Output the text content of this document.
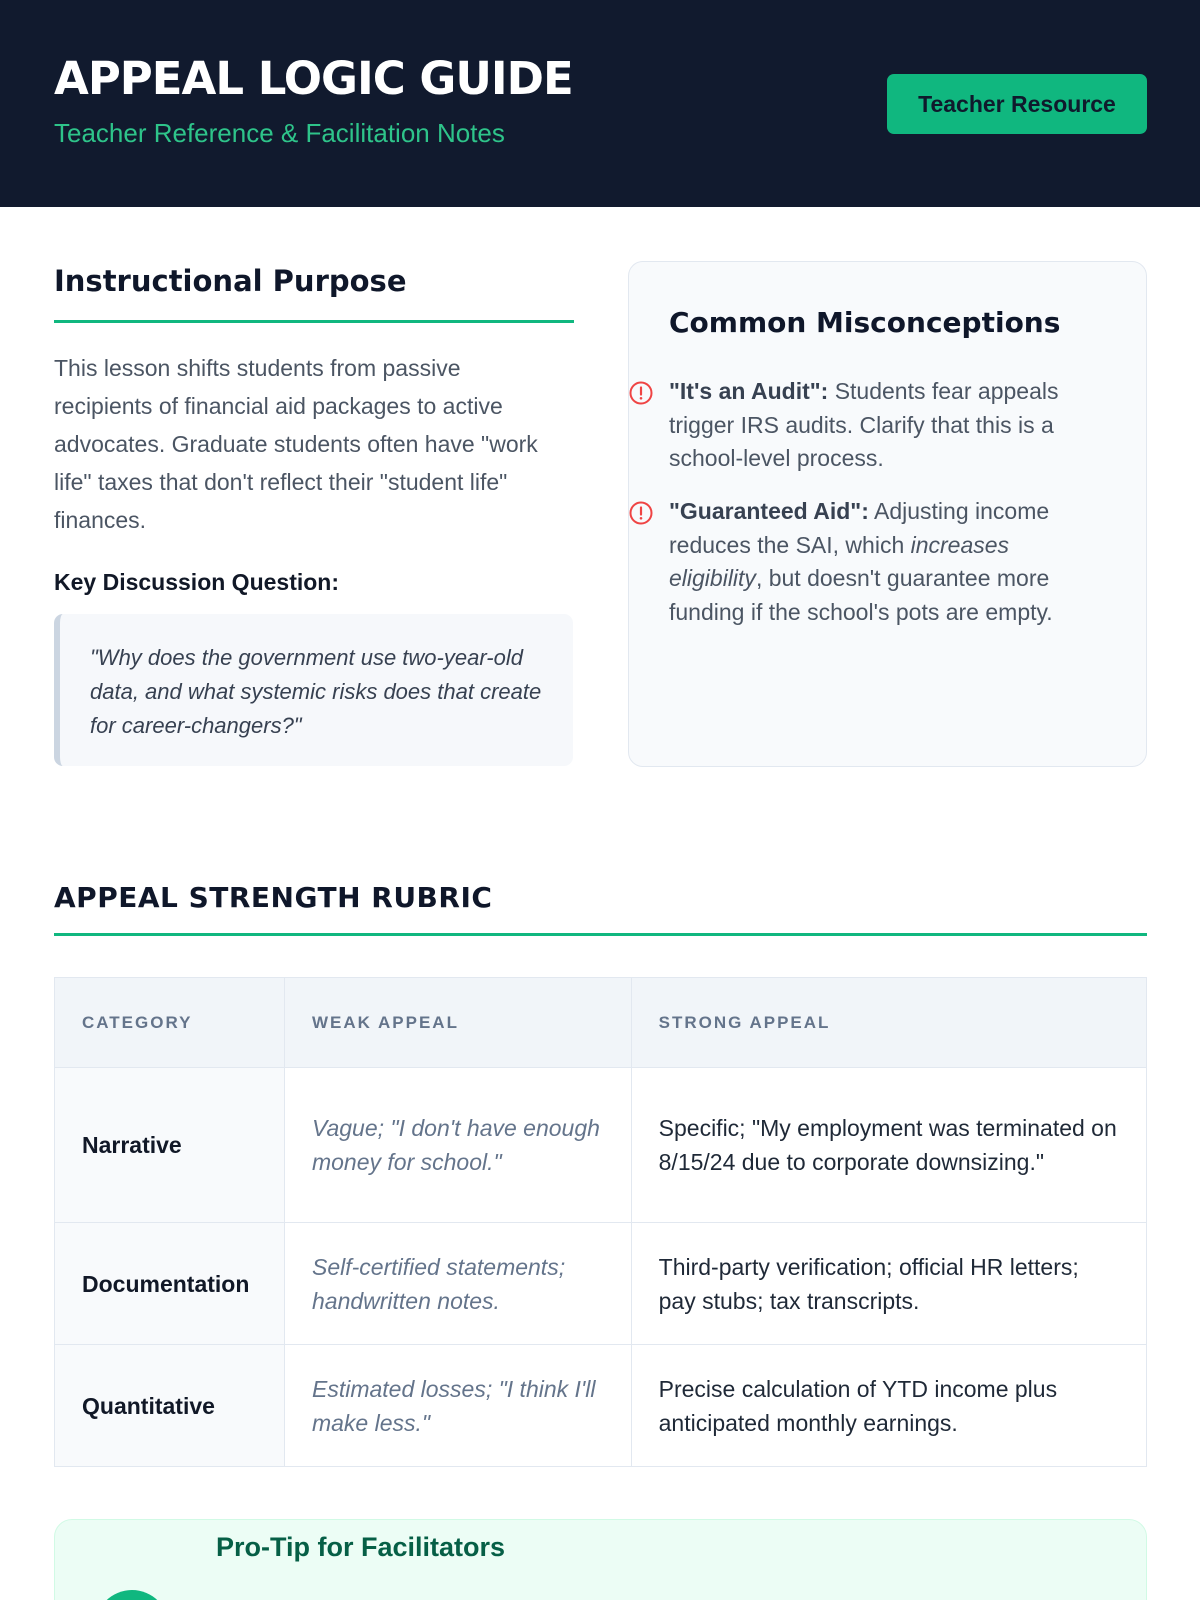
APPEAL LOGIC GUIDE
Teacher Reference & Facilitation Notes
Teacher Resource
Instructional Purpose
This lesson shifts students from passive recipients of financial aid packages to active advocates. Graduate students often have "work life" taxes that don't reflect their "student life" finances.
Key Discussion Question:
"Why does the government use two-year-old data, and what systemic risks does that create for career-changers?"
Common Misconceptions
"It's an Audit": Students fear appeals trigger IRS audits. Clarify that this is a school-level process.
"Guaranteed Aid": Adjusting income reduces the SAI, which increases eligibility, but doesn't guarantee more funding if the school's pots are empty.
APPEAL STRENGTH RUBRIC
CATEGORY	WEAK APPEAL	STRONG APPEAL
Narrative	Vague; "I don't have enough money for school."	Specific; "My employment was terminated on 8/15/24 due to corporate downsizing."
Documentation	Self-certified statements; handwritten notes.	Third-party verification; official HR letters; pay stubs; tax transcripts.
Quantitative	Estimated losses; "I think I'll make less."	Precise calculation of YTD income plus anticipated monthly earnings.
Pro-Tip for Facilitators
